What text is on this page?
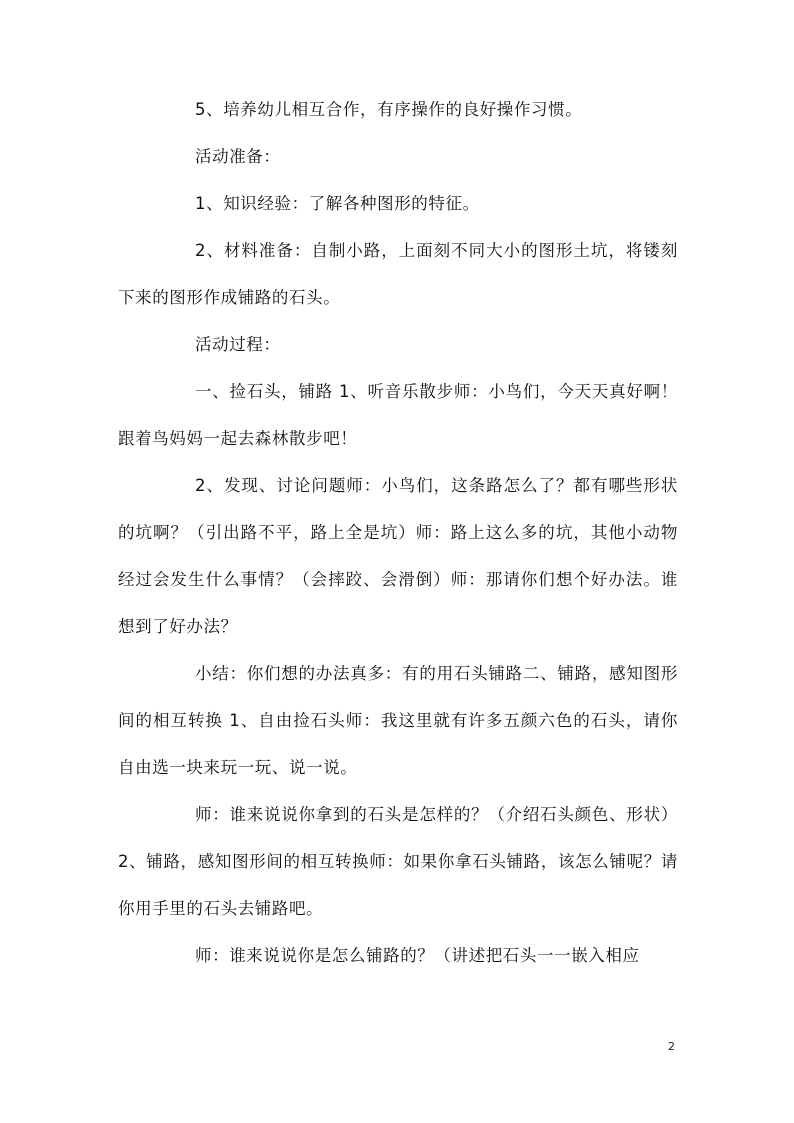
5、培养幼儿相互合作，有序操作的良好操作习惯。

活动准备：

1、知识经验：了解各种图形的特征。

2、材料准备：自制小路，上面刻不同大小的图形土坑，将镂刻下来的图形作成铺路的石头。

活动过程：

一、捡石头，铺路 1、听音乐散步师：小鸟们，今天天真好啊！跟着鸟妈妈一起去森林散步吧！

2、发现、讨论问题师：小鸟们，这条路怎么了？都有哪些形状的坑啊？（引出路不平，路上全是坑）师：路上这么多的坑，其他小动物经过会发生什么事情？（会摔跤、会滑倒）师：那请你们想个好办法。谁想到了好办法？

小结：你们想的办法真多：有的用石头铺路二、铺路，感知图形间的相互转换 1、自由捡石头师：我这里就有许多五颜六色的石头，请你自由选一块来玩一玩、说一说。

师：谁来说说你拿到的石头是怎样的？（介绍石头颜色、形状）2、铺路，感知图形间的相互转换师：如果你拿石头铺路，该怎么铺呢？请你用手里的石头去铺路吧。

师：谁来说说你是怎么铺路的？（讲述把石头一一嵌入相应

2
